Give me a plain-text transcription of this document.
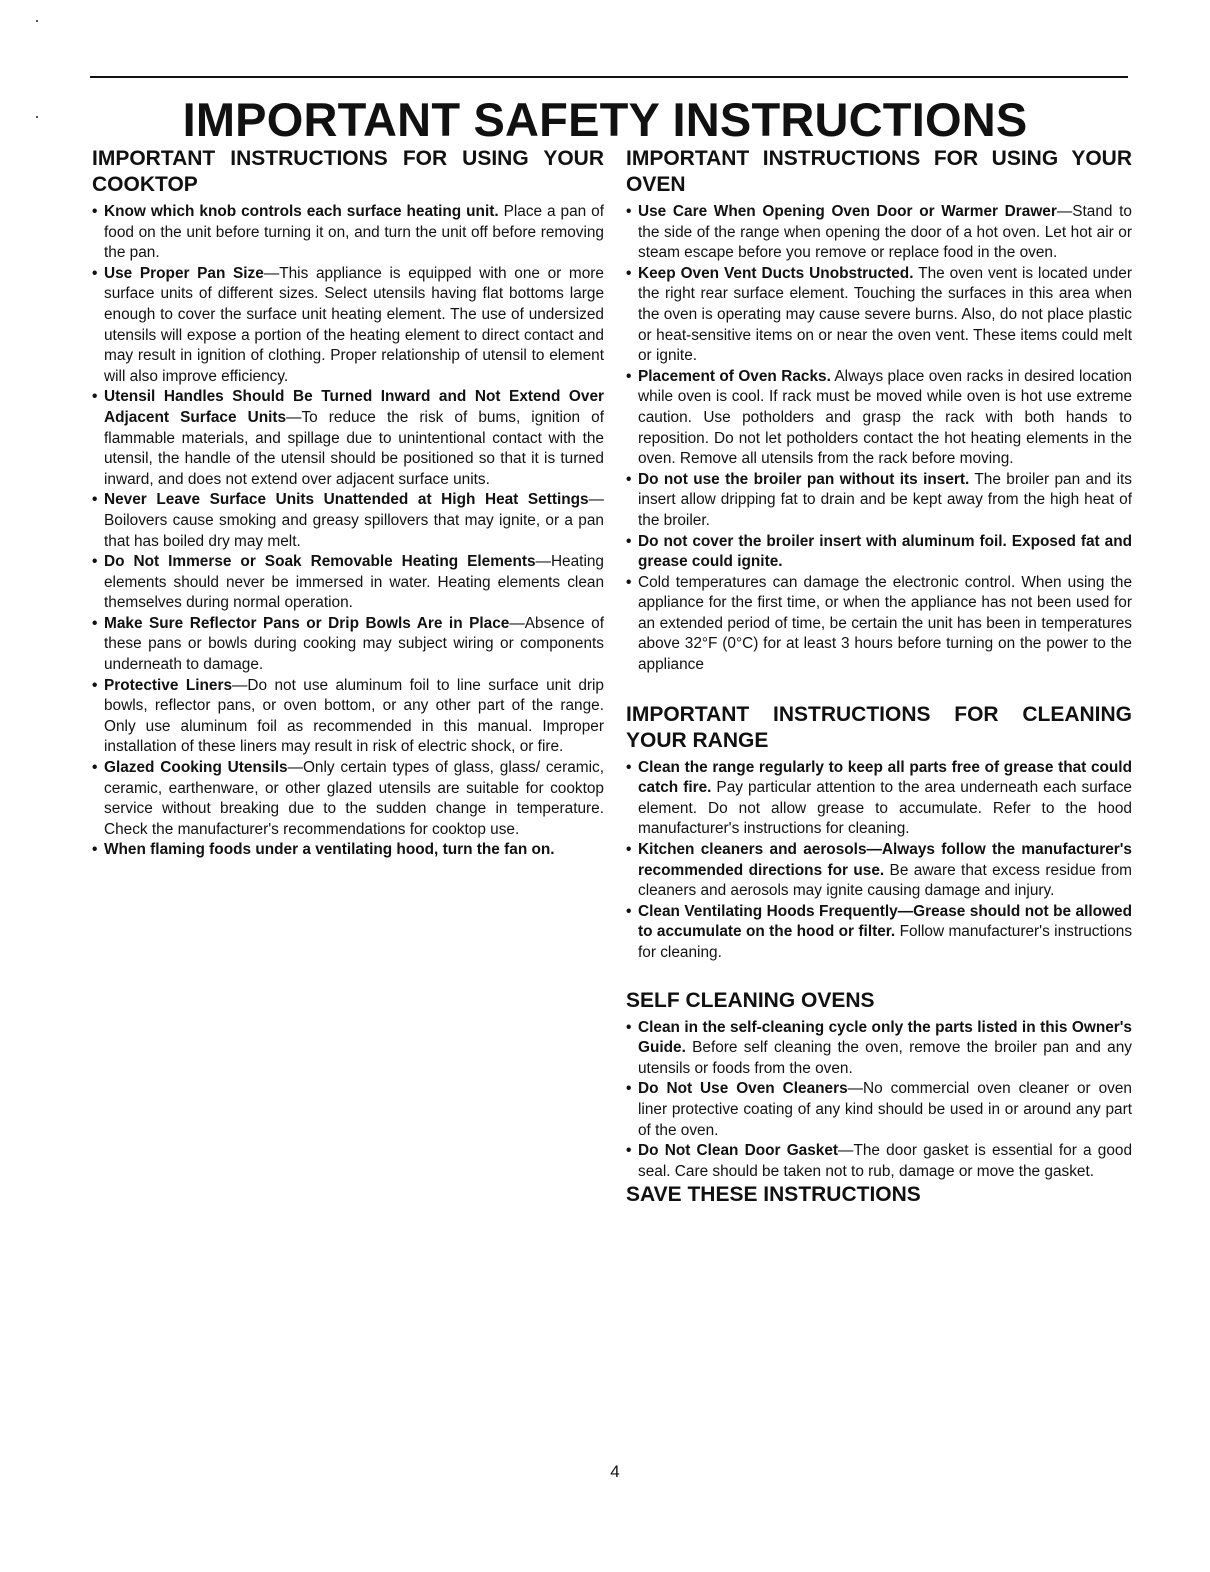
IMPORTANT SAFETY INSTRUCTIONS
IMPORTANT INSTRUCTIONS FOR USING YOUR COOKTOP
• Know which knob controls each surface heating unit. Place a pan of food on the unit before turning it on, and turn the unit off before removing the pan.
• Use Proper Pan Size—This appliance is equipped with one or more surface units of different sizes. Select utensils having flat bottoms large enough to cover the surface unit heating element. The use of undersized utensils will expose a portion of the heating element to direct contact and may result in ignition of clothing. Proper relationship of utensil to element will also improve efficiency.
• Utensil Handles Should Be Turned Inward and Not Extend Over Adjacent Surface Units—To reduce the risk of bums, ignition of flammable materials, and spillage due to unintentional contact with the utensil, the handle of the utensil should be positioned so that it is turned inward, and does not extend over adjacent surface units.
• Never Leave Surface Units Unattended at High Heat Settings—Boilovers cause smoking and greasy spillovers that may ignite, or a pan that has boiled dry may melt.
• Do Not Immerse or Soak Removable Heating Elements—Heating elements should never be immersed in water. Heating elements clean themselves during normal operation.
• Make Sure Reflector Pans or Drip Bowls Are in Place—Absence of these pans or bowls during cooking may subject wiring or components underneath to damage.
• Protective Liners—Do not use aluminum foil to line surface unit drip bowls, reflector pans, or oven bottom, or any other part of the range. Only use aluminum foil as recommended in this manual. Improper installation of these liners may result in risk of electric shock, or fire.
• Glazed Cooking Utensils—Only certain types of glass, glass/ ceramic, ceramic, earthenware, or other glazed utensils are suitable for cooktop service without breaking due to the sudden change in temperature. Check the manufacturer's recommendations for cooktop use.
• When flaming foods under a ventilating hood, turn the fan on.
IMPORTANT INSTRUCTIONS FOR USING YOUR OVEN
• Use Care When Opening Oven Door or Warmer Drawer—Stand to the side of the range when opening the door of a hot oven. Let hot air or steam escape before you remove or replace food in the oven.
• Keep Oven Vent Ducts Unobstructed. The oven vent is located under the right rear surface element. Touching the surfaces in this area when the oven is operating may cause severe burns. Also, do not place plastic or heat-sensitive items on or near the oven vent. These items could melt or ignite.
• Placement of Oven Racks. Always place oven racks in desired location while oven is cool. If rack must be moved while oven is hot use extreme caution. Use potholders and grasp the rack with both hands to reposition. Do not let potholders contact the hot heating elements in the oven. Remove all utensils from the rack before moving.
• Do not use the broiler pan without its insert. The broiler pan and its insert allow dripping fat to drain and be kept away from the high heat of the broiler.
• Do not cover the broiler insert with aluminum foil. Exposed fat and grease could ignite.
• Cold temperatures can damage the electronic control. When using the appliance for the first time, or when the appliance has not been used for an extended period of time, be certain the unit has been in temperatures above 32°F (0°C) for at least 3 hours before turning on the power to the appliance
IMPORTANT INSTRUCTIONS FOR CLEANING YOUR RANGE
• Clean the range regularly to keep all parts free of grease that could catch fire. Pay particular attention to the area underneath each surface element. Do not allow grease to accumulate. Refer to the hood manufacturer's instructions for cleaning.
• Kitchen cleaners and aerosols—Always follow the manufacturer's recommended directions for use. Be aware that excess residue from cleaners and aerosols may ignite causing damage and injury.
• Clean Ventilating Hoods Frequently—Grease should not be allowed to accumulate on the hood or filter. Follow manufacturer's instructions for cleaning.
SELF CLEANING OVENS
• Clean in the self-cleaning cycle only the parts listed in this Owner's Guide. Before self cleaning the oven, remove the broiler pan and any utensils or foods from the oven.
• Do Not Use Oven Cleaners—No commercial oven cleaner or oven liner protective coating of any kind should be used in or around any part of the oven.
• Do Not Clean Door Gasket—The door gasket is essential for a good seal. Care should be taken not to rub, damage or move the gasket.
SAVE THESE INSTRUCTIONS
4
